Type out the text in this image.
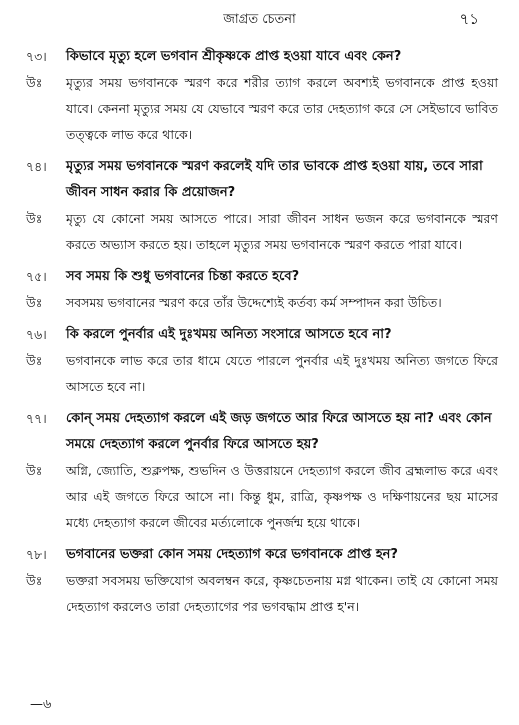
জাগ্রত চেতনা	৭১
৭৩।	কিভাবে মৃত্যু হলে ভগবান শ্রীকৃষ্ণকে প্রাপ্ত হওয়া যাবে এবং কেন?
উঃ	মৃত্যুর সময় ভগবানকে স্মরণ করে শরীর ত্যাগ করলে অবশ্যই ভগবানকে প্রাপ্ত হওয়া যাবে। কেননা মৃত্যুর সময় যে যেভাবে স্মরণ করে তার দেহত্যাগ করে সে সেইভাবে ভাবিত তত্ত্বকে লাভ করে থাকে।
৭৪।	মৃত্যুর সময় ভগবানকে স্মরণ করলেই যদি তার ভাবকে প্রাপ্ত হওয়া যায়, তবে সারা জীবন সাধন করার কি প্রয়োজন?
উঃ	মৃত্যু যে কোনো সময় আসতে পারে। সারা জীবন সাধন ভজন করে ভগবানকে স্মরণ করতে অভ্যাস করতে হয়। তাহলে মৃত্যুর সময় ভগবানকে স্মরণ করতে পারা যাবে।
৭৫।	সব সময় কি শুধু ভগবানের চিন্তা করতে হবে?
উঃ	সবসময় ভগবানের স্মরণ করে তাঁর উদ্দেশ্যেই কর্তব্য কর্ম সম্পাদন করা উচিত।
৭৬।	কি করলে পুনর্বার এই দুঃখময় অনিত্য সংসারে আসতে হবে না?
উঃ	ভগবানকে লাভ করে তার ধামে যেতে পারলে পুনর্বার এই দুঃখময় অনিত্য জগতে ফিরে আসতে হবে না।
৭৭।	কোন্ সময় দেহত্যাগ করলে এই জড় জগতে আর ফিরে আসতে হয় না? এবং কোন সময়ে দেহত্যাগ করলে পুনর্বার ফিরে আসতে হয়?
উঃ	অগ্নি, জ্যোতি, শুক্লপক্ষ, শুভদিন ও উত্তরায়নে দেহত্যাগ করলে জীব ব্রহ্মলাভ করে এবং আর এই জগতে ফিরে আসে না। কিন্তু ধুম, রাত্রি, কৃষ্ণপক্ষ ও দক্ষিণায়নের ছয় মাসের মধ্যে দেহত্যাগ করলে জীবের মর্ত্যলোকে পুনর্জন্ম হয়ে থাকে।
৭৮।	ভগবানের ভক্তরা কোন সময় দেহত্যাগ করে ভগবানকে প্রাপ্ত হন?
উঃ	ভক্তরা সবসময় ভক্তিযোগ অবলম্বন করে, কৃষ্ণচেতনায় মগ্ন থাকেন। তাই যে কোনো সময় দেহত্যাগ করলেও তারা দেহত্যাগের পর ভগবদ্ধাম প্রাপ্ত হ'ন।
—৬
